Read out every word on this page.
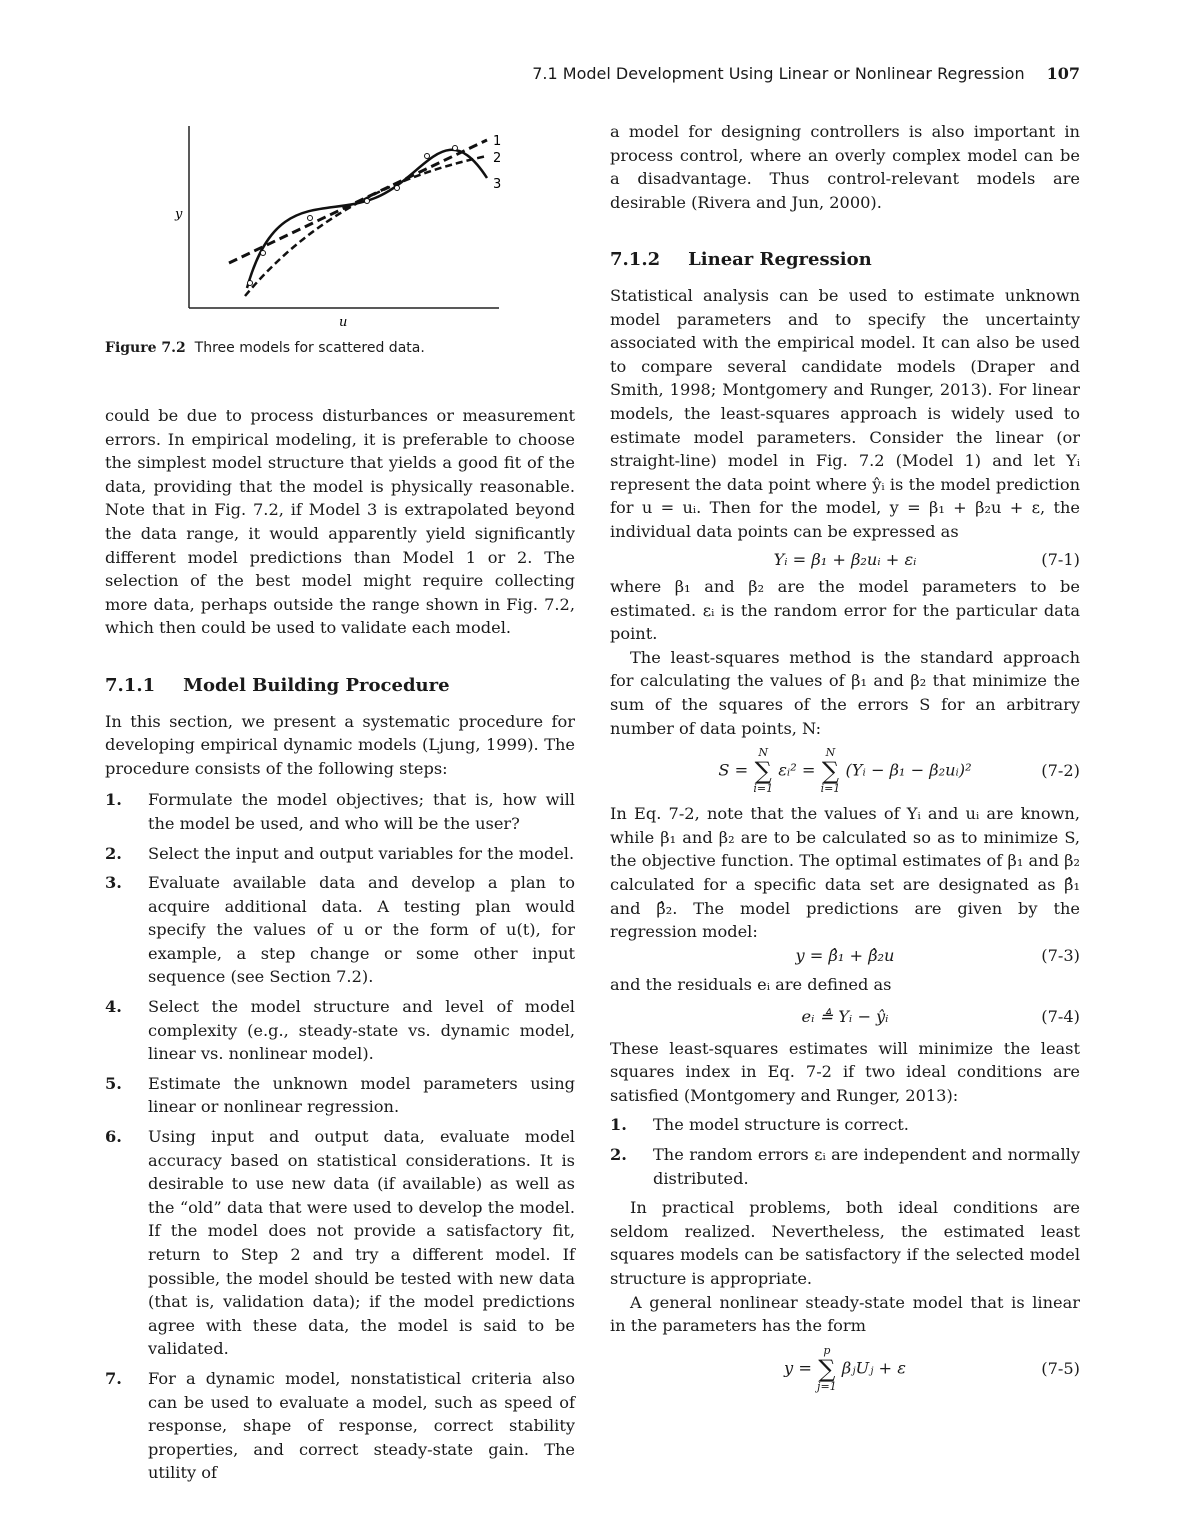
7.1 Model Development Using Linear or Nonlinear Regression 107
y
u
1
2
3
Figure 7.2 Three models for scattered data.

could be due to process disturbances or measurement errors. In empirical modeling, it is preferable to choose the simplest model structure that yields a good fit of the data, providing that the model is physically reasonable. Note that in Fig. 7.2, if Model 3 is extrapolated beyond the data range, it would apparently yield significantly different model predictions than Model 1 or 2. The selection of the best model might require collecting more data, perhaps outside the range shown in Fig. 7.2, which then could be used to validate each model.

7.1.1 Model Building Procedure

In this section, we present a systematic procedure for developing empirical dynamic models (Ljung, 1999). The procedure consists of the following steps:

1.	Formulate the model objectives; that is, how will the model be used, and who will be the user?
2.	Select the input and output variables for the model.
3.	Evaluate available data and develop a plan to acquire additional data. A testing plan would specify the values of u or the form of u(t), for example, a step change or some other input sequence (see Section 7.2).
4.	Select the model structure and level of model complexity (e.g., steady-state vs. dynamic model, linear vs. nonlinear model).
5.	Estimate the unknown model parameters using linear or nonlinear regression.
6.	Using input and output data, evaluate model accuracy based on statistical considerations. It is desirable to use new data (if available) as well as the “old” data that were used to develop the model. If the model does not provide a satisfactory fit, return to Step 2 and try a different model. If possible, the model should be tested with new data (that is, validation data); if the model predictions agree with these data, the model is said to be validated.
7.	For a dynamic model, nonstatistical criteria also can be used to evaluate a model, such as speed of response, shape of response, correct stability properties, and correct steady-state gain. The utility of

a model for designing controllers is also important in process control, where an overly complex model can be a disadvantage. Thus control-relevant models are desirable (Rivera and Jun, 2000).

7.1.2 Linear Regression

Statistical analysis can be used to estimate unknown model parameters and to specify the uncertainty associated with the empirical model. It can also be used to compare several candidate models (Draper and Smith, 1998; Montgomery and Runger, 2013). For linear models, the least-squares approach is widely used to estimate model parameters. Consider the linear (or straight-line) model in Fig. 7.2 (Model 1) and let Yᵢ represent the data point where ŷᵢ is the model prediction for u = uᵢ. Then for the model, y = β₁ + β₂u + ε, the individual data points can be expressed as

Yᵢ = β₁ + β₂uᵢ + εᵢ	(7-1)

where β₁ and β₂ are the model parameters to be estimated. εᵢ is the random error for the particular data point.

The least-squares method is the standard approach for calculating the values of β₁ and β₂ that minimize the sum of the squares of the errors S for an arbitrary number of data points, N:

S =
N
∑
i=1
εᵢ² =
N
∑
i=1
(Yᵢ − β₁ − β₂uᵢ)²	(7-2)

In Eq. 7-2, note that the values of Yᵢ and uᵢ are known, while β₁ and β₂ are to be calculated so as to minimize S, the objective function. The optimal estimates of β₁ and β₂ calculated for a specific data set are designated as β̂₁ and β̂₂. The model predictions are given by the regression model:

y = β̂₁ + β̂₂u	(7-3)

and the residuals eᵢ are defined as

eᵢ ≜ Yᵢ − ŷᵢ	(7-4)

These least-squares estimates will minimize the least squares index in Eq. 7-2 if two ideal conditions are satisfied (Montgomery and Runger, 2013):

1.	The model structure is correct.
2.	The random errors εᵢ are independent and normally distributed.

In practical problems, both ideal conditions are seldom realized. Nevertheless, the estimated least squares models can be satisfactory if the selected model structure is appropriate.

A general nonlinear steady-state model that is linear in the parameters has the form

y =
p
∑
j=1
βⱼUⱼ + ε	(7-5)
